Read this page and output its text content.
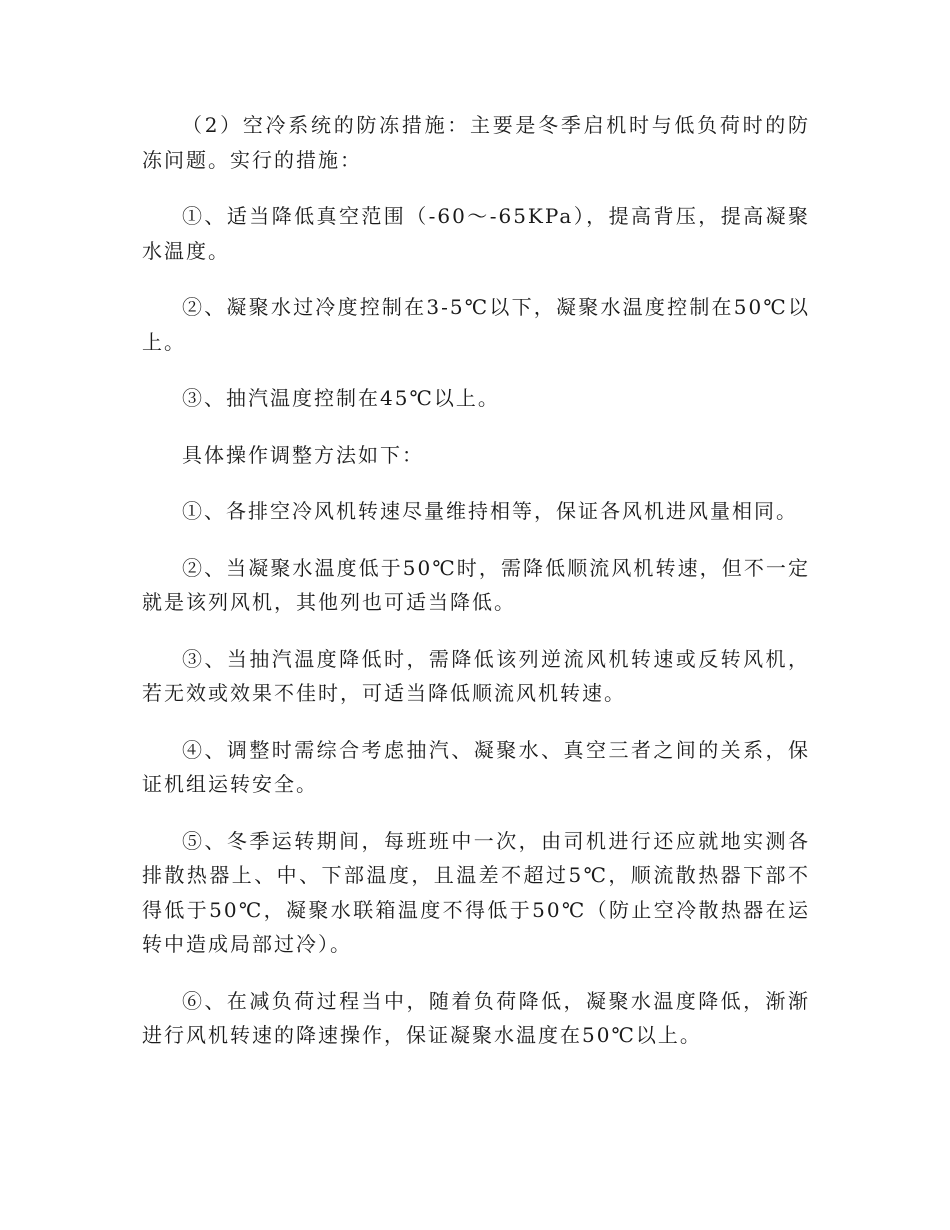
（2）空冷系统的防冻措施：主要是冬季启机时与低负荷时的防冻问题。实行的措施：

①、适当降低真空范围（-60～-65KPa），提高背压，提高凝聚水温度。

②、凝聚水过冷度控制在3-5℃以下，凝聚水温度控制在50℃以上。

③、抽汽温度控制在45℃以上。

具体操作调整方法如下：

①、各排空冷风机转速尽量维持相等，保证各风机进风量相同。

②、当凝聚水温度低于50℃时，需降低顺流风机转速，但不一定就是该列风机，其他列也可适当降低。

③、当抽汽温度降低时，需降低该列逆流风机转速或反转风机，若无效或效果不佳时，可适当降低顺流风机转速。

④、调整时需综合考虑抽汽、凝聚水、真空三者之间的关系，保证机组运转安全。

⑤、冬季运转期间，每班班中一次，由司机进行还应就地实测各排散热器上、中、下部温度，且温差不超过5℃，顺流散热器下部不得低于50℃，凝聚水联箱温度不得低于50℃（防止空冷散热器在运转中造成局部过冷）。

⑥、在减负荷过程当中，随着负荷降低，凝聚水温度降低，渐渐进行风机转速的降速操作，保证凝聚水温度在50℃以上。
